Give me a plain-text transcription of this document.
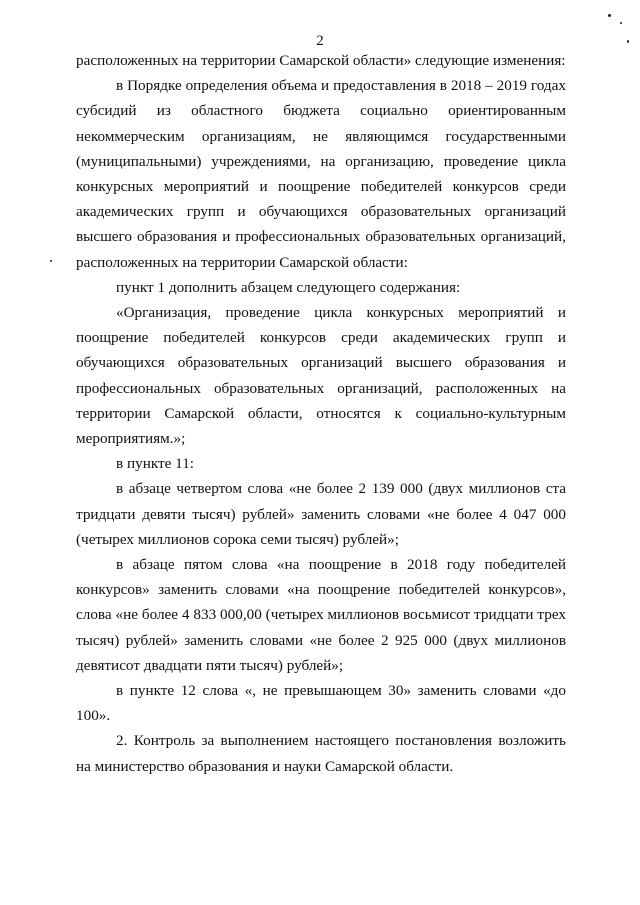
2

расположенных на территории Самарской области» следующие изменения:

в Порядке определения объема и предоставления в 2018 – 2019 годах субсидий из областного бюджета социально ориентированным некоммерческим организациям, не являющимся государственными (муниципальными) учреждениями, на организацию, проведение цикла конкурсных мероприятий и поощрение победителей конкурсов среди академических групп и обучающихся образовательных организаций высшего образования и профессиональных образовательных организаций, расположенных на территории Самарской области:

пункт 1 дополнить абзацем следующего содержания:

«Организация, проведение цикла конкурсных мероприятий и поощрение победителей конкурсов среди академических групп и обучающихся образовательных организаций высшего образования и профессиональных образовательных организаций, расположенных на территории Самарской области, относятся к социально-культурным мероприятиям.»;

в пункте 11:

в абзаце четвертом слова «не более 2 139 000 (двух миллионов ста тридцати девяти тысяч) рублей» заменить словами «не более 4 047 000 (четырех миллионов сорока семи тысяч) рублей»;

в абзаце пятом слова «на поощрение в 2018 году победителей конкурсов» заменить словами «на поощрение победителей конкурсов», слова «не более 4 833 000,00 (четырех миллионов восьмисот тридцати трех тысяч) рублей» заменить словами «не более 2 925 000 (двух миллионов девятисот двадцати пяти тысяч) рублей»;

в пункте 12 слова «, не превышающем 30» заменить словами «до 100».

2. Контроль за выполнением настоящего постановления возложить на министерство образования и науки Самарской области.
